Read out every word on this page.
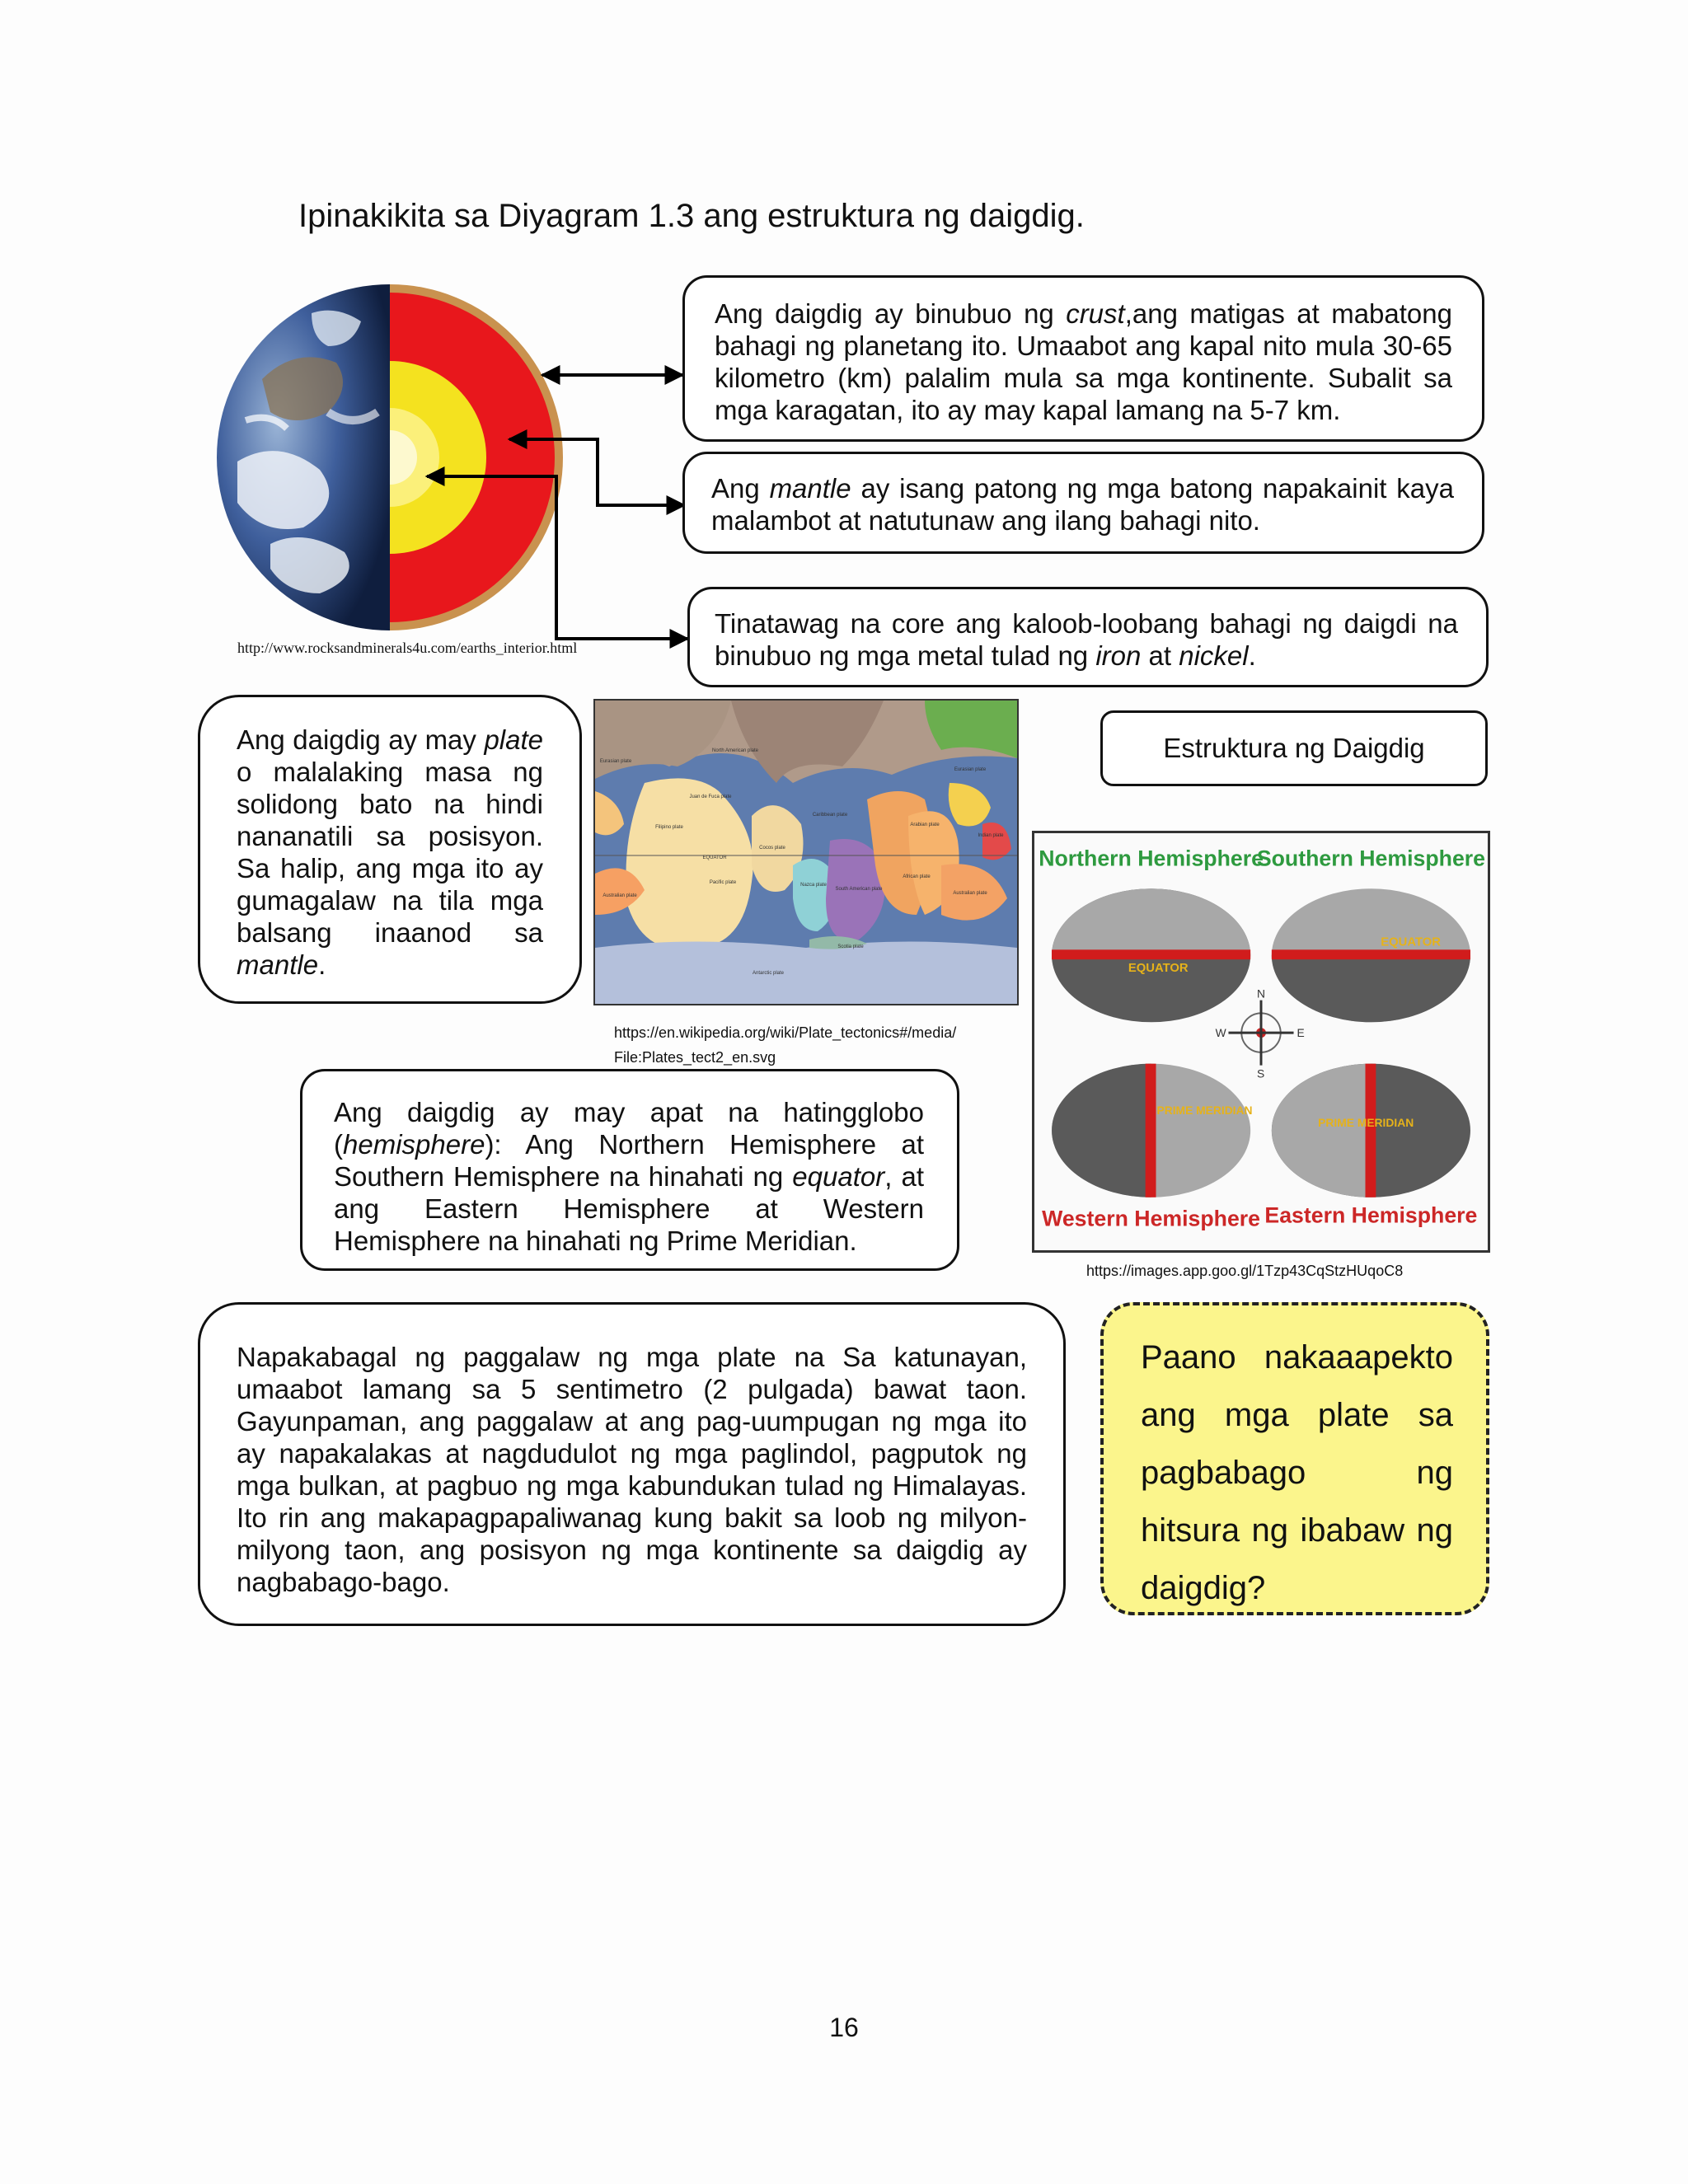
Ipinakikita sa Diyagram 1.3 ang estruktura ng daigdig.
http://www.rocksandminerals4u.com/earths_interior.html
Ang daigdig ay binubuo ng crust,ang matigas at mabatong bahagi ng planetang ito. Umaabot ang kapal nito mula 30-65 kilometro (km) palalim mula sa mga kontinente. Subalit sa mga karagatan, ito ay may kapal lamang na 5-7 km.
Ang mantle ay isang patong ng mga batong napakainit kaya malambot at natutunaw ang ilang bahagi nito.
Tinatawag na core ang kaloob-loobang bahagi ng daigdi na binubuo ng mga metal tulad ng iron at nickel.
Ang daigdig ay may plate o malalaking masa ng solidong bato na hindi nananatili sa posisyon. Sa halip, ang mga ito ay gumagalaw na tila mga balsang inaanod sa mantle.
North American plate
Eurasian plate
Eurasian plate
Juan de Fuca plate
Caribbean plate
Arabian plate
Indian plate
Filipino plate
Pacific plate
Cocos plate
Nazca plate
South American plate
African plate
Australian plate	Australian plate
Scotia plate
Antarctic plate
EQUATOR
https://en.wikipedia.org/wiki/Plate_tectonics#/media/
File:Plates_tect2_en.svg
Estruktura ng Daigdig
Northern Hemisphere
Southern Hemisphere
Western Hemisphere Eastern Hemisphere
EQUATOR
EQUATOR
PRIME MERIDIAN
PRIME MERIDIAN
N
S
E
W
https://images.app.goo.gl/1Tzp43CqStzHUqoC8
Ang daigdig ay may apat na hatingglobo (hemisphere): Ang Northern Hemisphere at Southern Hemisphere na hinahati ng equator, at ang Eastern Hemisphere at Western Hemisphere na hinahati ng Prime Meridian.
Napakabagal ng paggalaw ng mga plate na Sa katunayan, umaabot lamang sa 5 sentimetro (2 pulgada) bawat taon. Gayunpaman, ang paggalaw at ang pag-uumpugan ng mga ito ay napakalakas at nagdudulot ng mga paglindol, pagputok ng mga bulkan, at pagbuo ng mga kabundukan tulad ng Himalayas. Ito rin ang makapagpapaliwanag kung bakit sa loob ng milyon-milyong taon, ang posisyon ng mga kontinente sa daigdig ay nagbabago-bago.
Paano nakaaapekto ang mga plate sa pagbabago ng hitsura ng ibabaw ng daigdig?
16
